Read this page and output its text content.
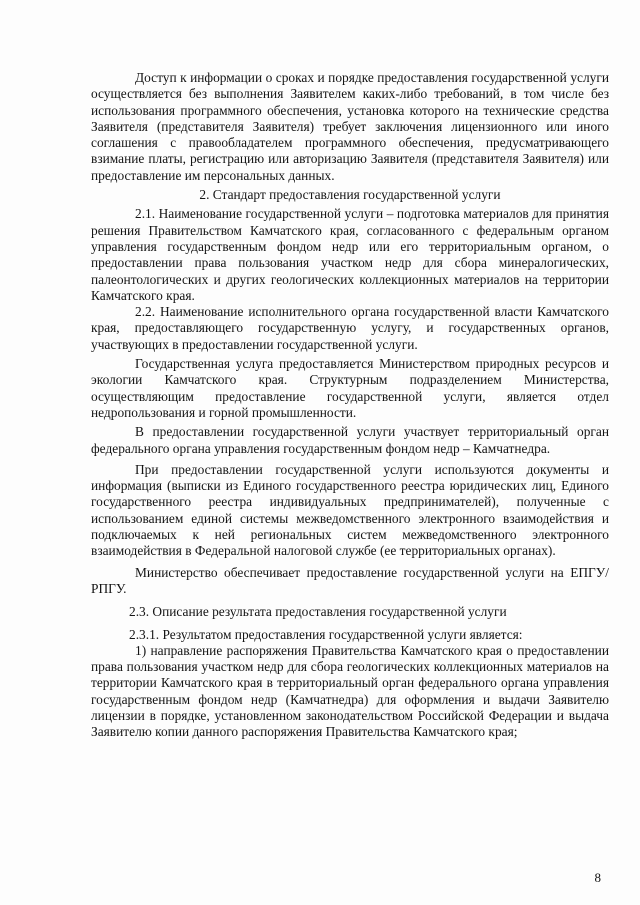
Доступ к информации о сроках и порядке предоставления государственной услуги осуществляется без выполнения Заявителем каких-либо требований, в том числе без использования программного обеспечения, установка которого на технические средства Заявителя (представителя Заявителя) требует заключения лицензионного или иного соглашения с правообладателем программного обеспечения, предусматривающего взимание платы, регистрацию или авторизацию Заявителя (представителя Заявителя) или предоставление им персональных данных.

2. Стандарт предоставления государственной услуги

2.1. Наименование государственной услуги – подготовка материалов для принятия решения Правительством Камчатского края, согласованного с федеральным органом управления государственным фондом недр или его территориальным органом, о предоставлении права пользования участком недр для сбора минералогических, палеонтологических и других геологических коллекционных материалов на территории Камчатского края.

2.2. Наименование исполнительного органа государственной власти Камчатского края, предоставляющего государственную услугу, и государственных органов, участвующих в предоставлении государственной услуги.

Государственная услуга предоставляется Министерством природных ресурсов и экологии Камчатского края. Структурным подразделением Министерства, осуществляющим предоставление государственной услуги, является отдел недропользования и горной промышленности.

В предоставлении государственной услуги участвует территориальный орган федерального органа управления государственным фондом недр – Камчатнедра.

При предоставлении государственной услуги используются документы и информация (выписки из Единого государственного реестра юридических лиц, Единого государственного реестра индивидуальных предпринимателей), полученные с использованием единой системы межведомственного электронного взаимодействия и подключаемых к ней региональных систем межведомственного электронного взаимодействия в Федеральной налоговой службе (ее территориальных органах).

Министерство обеспечивает предоставление государственной услуги на ЕПГУ/РПГУ.

2.3. Описание результата предоставления государственной услуги

2.3.1. Результатом предоставления государственной услуги является:

1) направление распоряжения Правительства Камчатского края о предоставлении права пользования участком недр для сбора геологических коллекционных материалов на территории Камчатского края в территориальный орган федерального органа управления государственным фондом недр (Камчатнедра) для оформления и выдачи Заявителю лицензии в порядке, установленном законодательством Российской Федерации и выдача Заявителю копии данного распоряжения Правительства Камчатского края;

8
